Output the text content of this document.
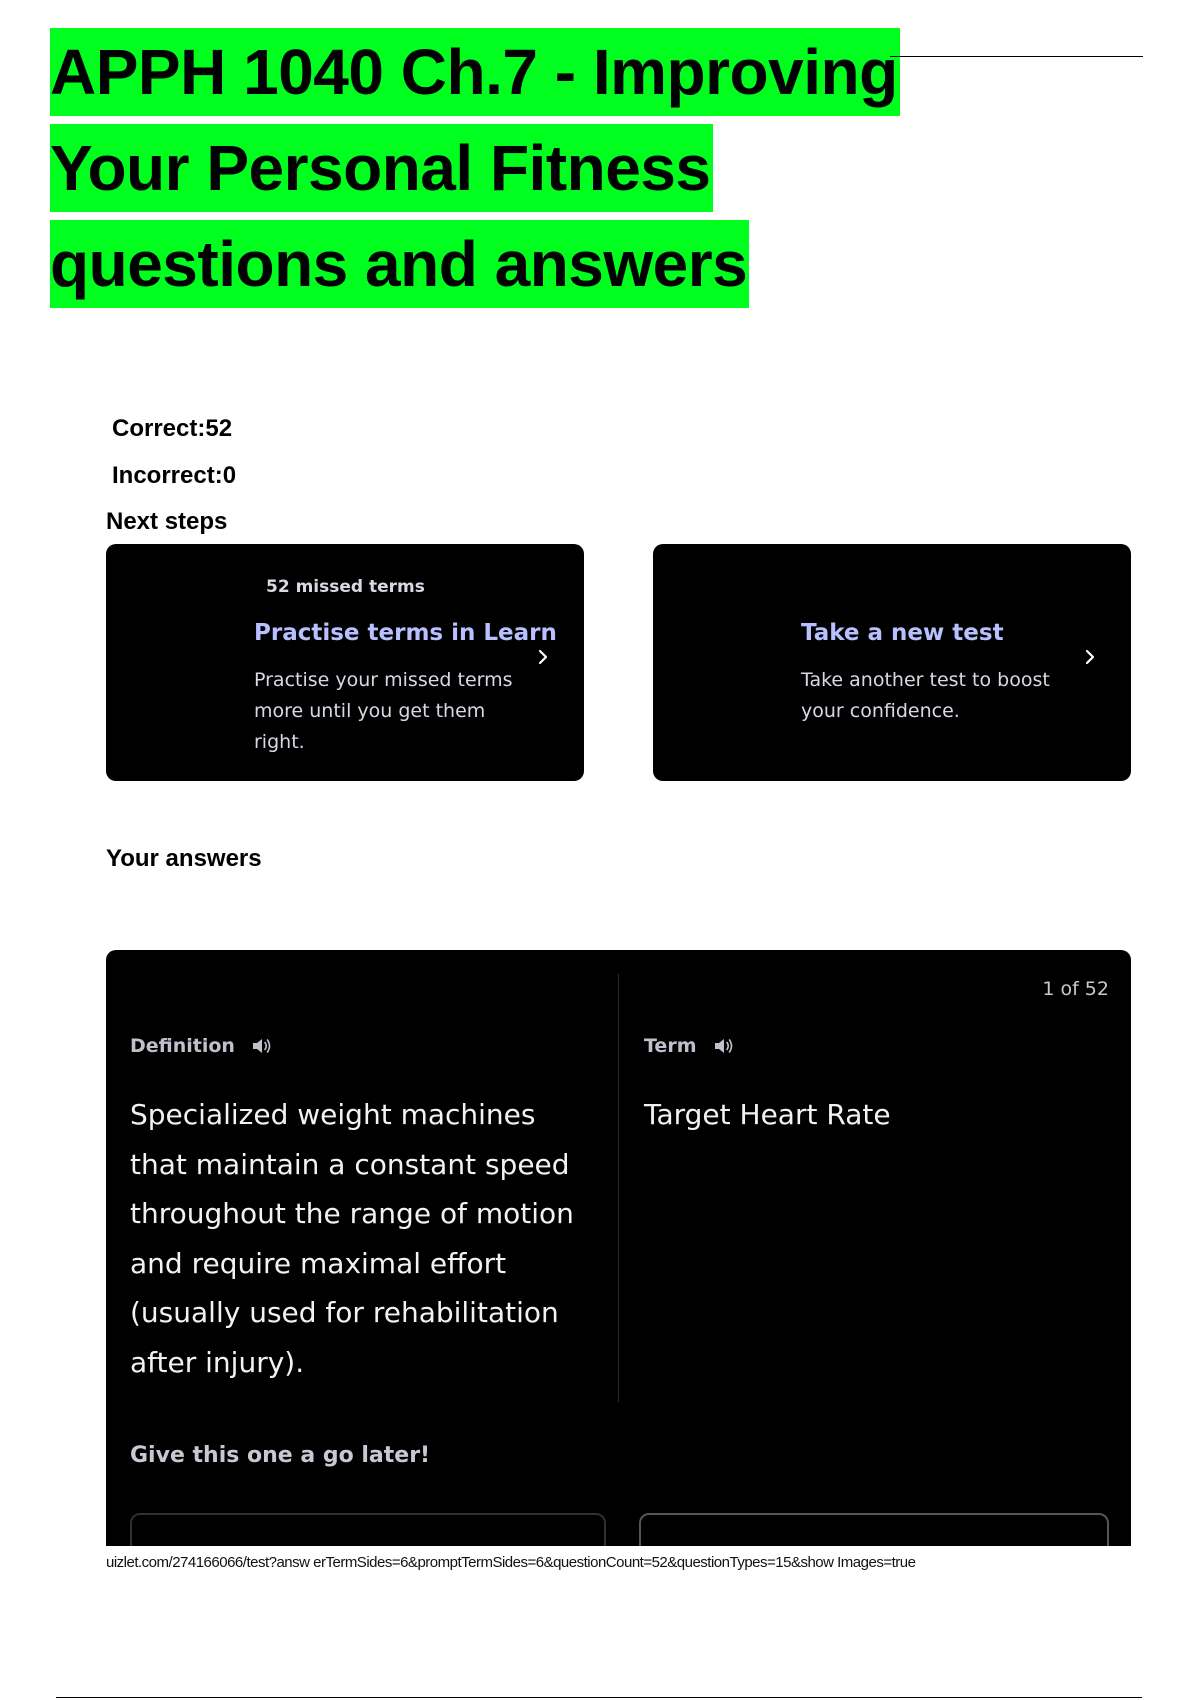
APPH 1040 Ch.7 - Improving
Your Personal Fitness
questions and answers
Correct:52
Incorrect:0
Next steps
52 missed terms
Practise terms in Learn
Practise your missed terms more until you get them right.
Take a new test
Take another test to boost your confidence.
Your answers
1 of 52
Definition	Term
Specialized weight machines that maintain a constant speed throughout the range of motion and require maximal effort (usually used for rehabilitation after injury).
Target Heart Rate
Give this one a go later!
uizlet.com/274166066/test?answ erTermSides=6&promptTermSides=6&questionCount=52&questionTypes=15&show Images=true
